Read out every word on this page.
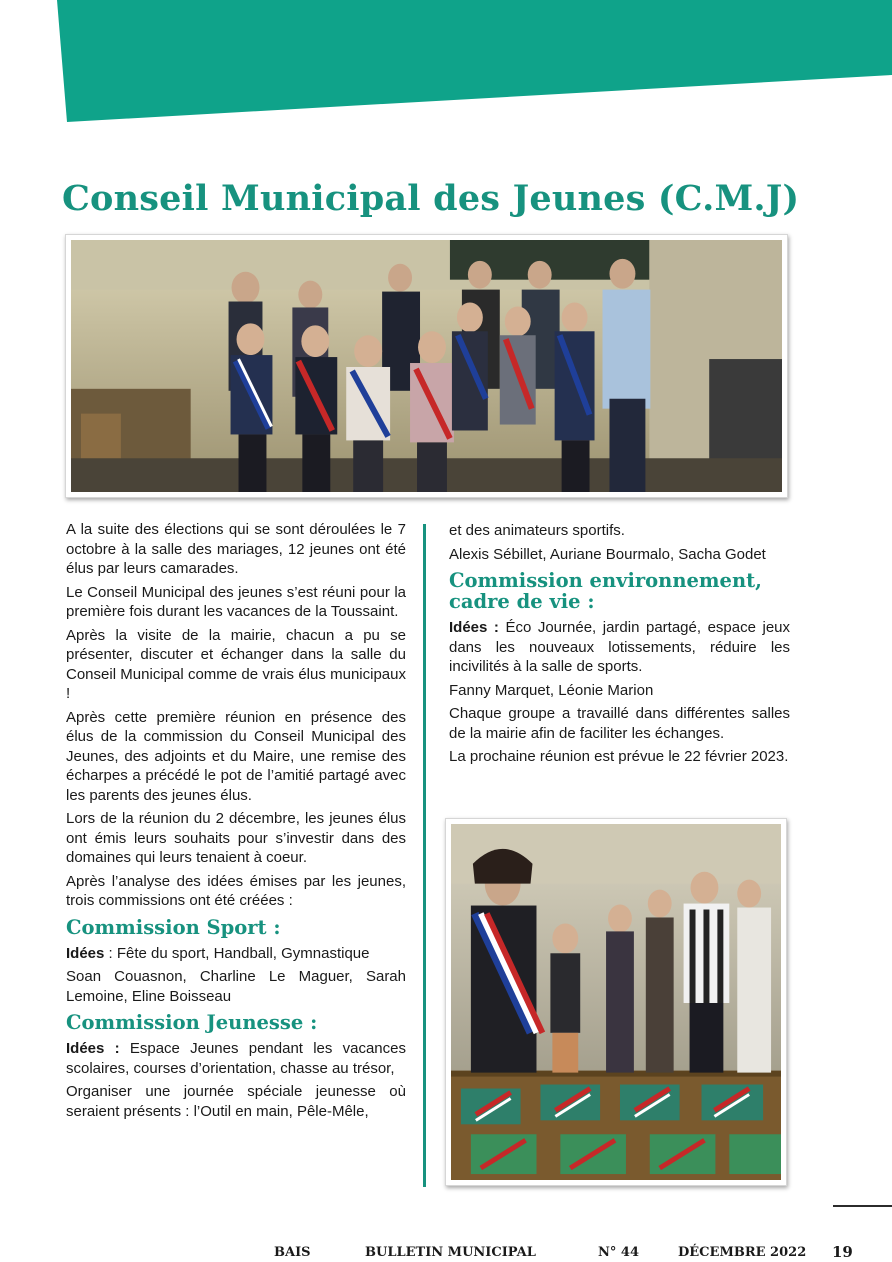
Conseil Municipal des Jeunes (C.M.J)

A la suite des élections qui se sont déroulées le 7 octobre à la salle des mariages, 12 jeunes ont été élus par leurs camarades.

Le Conseil Municipal des jeunes s’est réuni pour la première fois durant les vacances de la Toussaint.

Après la visite de la mairie, chacun a pu se présenter, discuter et échanger dans la salle du Conseil Municipal comme de vrais élus municipaux !

Après cette première réunion en présence des élus de la commission du Conseil Municipal des Jeunes, des adjoints et du Maire, une remise des écharpes a précédé le pot de l’amitié partagé avec les parents des jeunes élus.

Lors de la réunion du 2 décembre, les jeunes élus ont émis leurs souhaits pour s’investir dans des domaines qui leurs tenaient à coeur.

Après l’analyse des idées émises par les jeunes, trois commissions ont été créées :

Commission Sport :

Idées : Fête du sport, Handball, Gymnastique

Soan Couasnon, Charline Le Maguer, Sarah Lemoine, Eline Boisseau

Commission Jeunesse :

Idées : Espace Jeunes pendant les vacances scolaires, courses d’orientation, chasse au trésor,

Organiser une journée spéciale jeunesse où seraient présents : l’Outil en main, Pêle-Mêle,

et des animateurs sportifs.

Alexis Sébillet, Auriane Bourmalo, Sacha Godet

Commission environnement, cadre de vie :

Idées : Éco Journée, jardin partagé, espace jeux dans les nouveaux lotissements, réduire les incivilités à la salle de sports.

Fanny Marquet, Léonie Marion

Chaque groupe a travaillé dans différentes salles de la mairie afin de faciliter les échanges.

La prochaine réunion est prévue le 22 février 2023.

BAIS	BULLETIN MUNICIPAL	N° 44	DÉCEMBRE 2022 19
